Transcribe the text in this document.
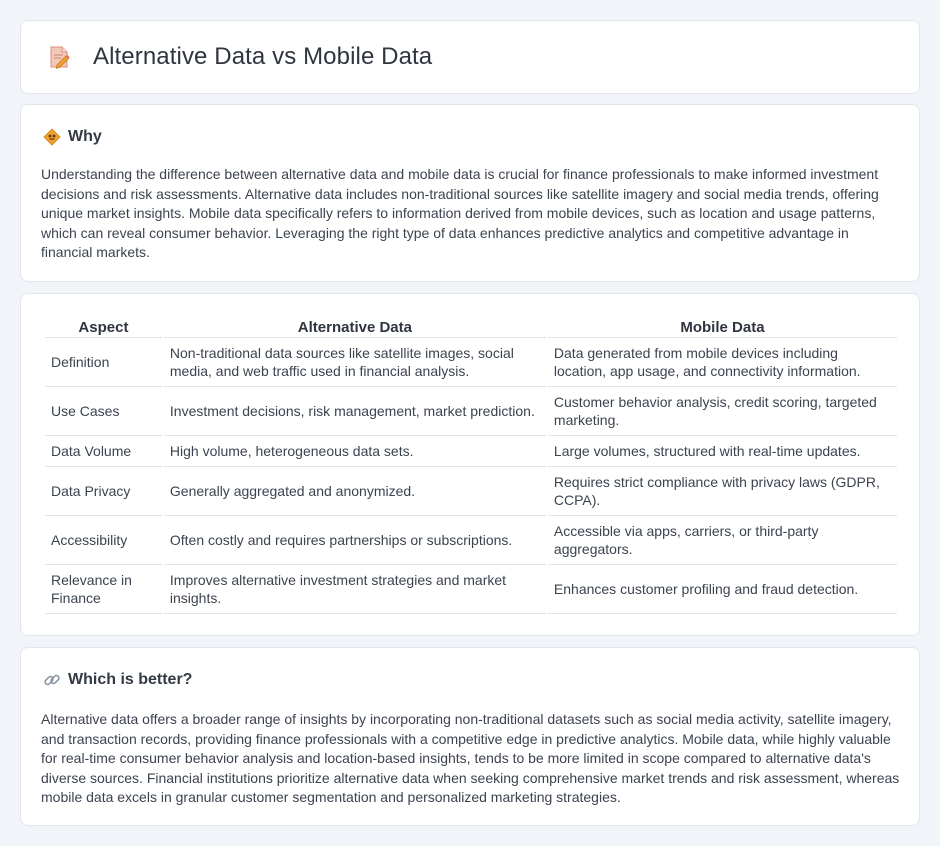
Alternative Data vs Mobile Data
Why

Understanding the difference between alternative data and mobile data is crucial for finance professionals to make informed investment decisions and risk assessments. Alternative data includes non-traditional sources like satellite imagery and social media trends, offering unique market insights. Mobile data specifically refers to information derived from mobile devices, such as location and usage patterns, which can reveal consumer behavior. Leveraging the right type of data enhances predictive analytics and competitive advantage in financial markets.

Aspect	Alternative Data	Mobile Data
Definition	Non-traditional data sources like satellite images, social media, and web traffic used in financial analysis.	Data generated from mobile devices including location, app usage, and connectivity information.
Use Cases	Investment decisions, risk management, market prediction.	Customer behavior analysis, credit scoring, targeted marketing.
Data Volume	High volume, heterogeneous data sets.	Large volumes, structured with real-time updates.
Data Privacy	Generally aggregated and anonymized.	Requires strict compliance with privacy laws (GDPR, CCPA).
Accessibility	Often costly and requires partnerships or subscriptions.	Accessible via apps, carriers, or third-party aggregators.
Relevance in Finance	Improves alternative investment strategies and market insights.	Enhances customer profiling and fraud detection.
Which is better?

Alternative data offers a broader range of insights by incorporating non-traditional datasets such as social media activity, satellite imagery, and transaction records, providing finance professionals with a competitive edge in predictive analytics. Mobile data, while highly valuable for real-time consumer behavior analysis and location-based insights, tends to be more limited in scope compared to alternative data's diverse sources. Financial institutions prioritize alternative data when seeking comprehensive market trends and risk assessment, whereas mobile data excels in granular customer segmentation and personalized marketing strategies.
